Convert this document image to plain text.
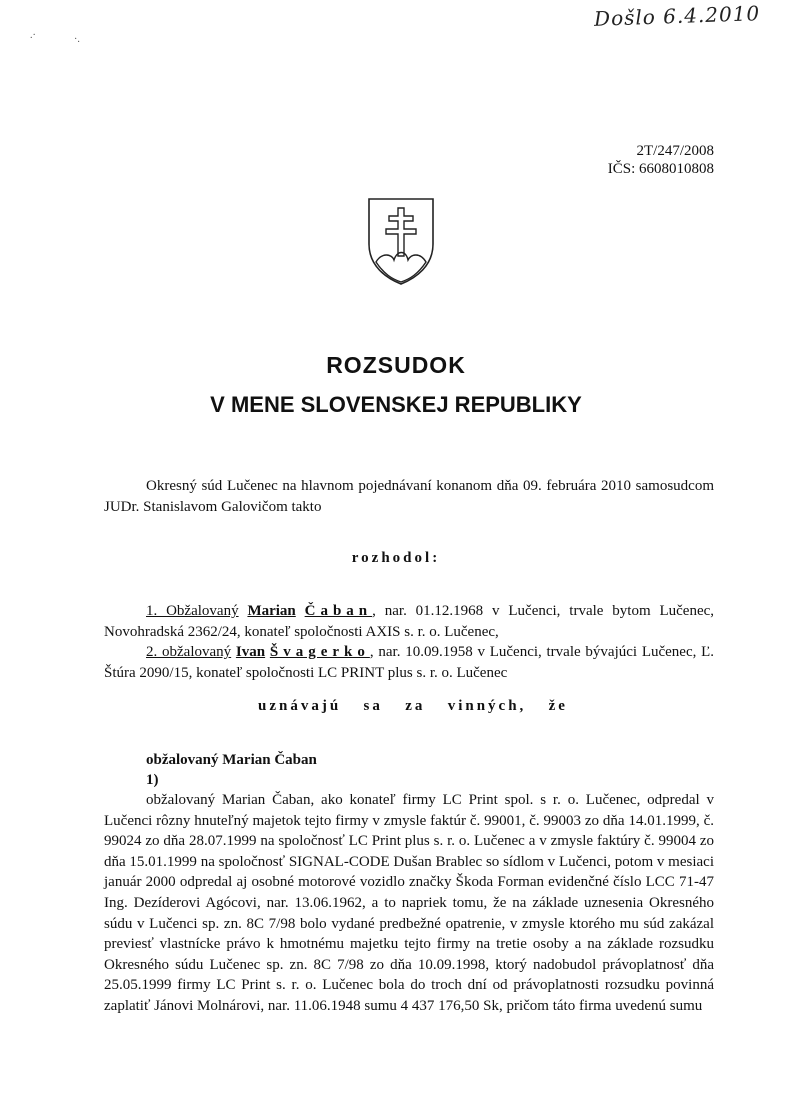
Došlo 6.4.2010
.·	·.
2T/247/2008
IČS: 6608010808
ROZSUDOK
V MENE SLOVENSKEJ REPUBLIKY
Okresný súd Lučenec na hlavnom pojednávaní konanom dňa 09. februára 2010 samosudcom JUDr. Stanislavom Galovičom takto
rozhodol:
1. Obžalovaný Marian Čaban, nar. 01.12.1968 v Lučenci, trvale bytom Lučenec, Novohradská 2362/24, konateľ spoločnosti AXIS s. r. o. Lučenec,
2. obžalovaný Ivan Švagerko, nar. 10.09.1958 v Lučenci, trvale bývajúci Lučenec, Ľ. Štúra 2090/15, konateľ spoločnosti LC PRINT plus s. r. o. Lučenec
uznávajú sa za vinných, že
obžalovaný Marian Čaban
1)
obžalovaný Marian Čaban, ako konateľ firmy LC Print spol. s r. o. Lučenec, odpredal v Lučenci rôzny hnuteľný majetok tejto firmy v zmysle faktúr č. 99001, č. 99003 zo dňa 14.01.1999, č. 99024 zo dňa 28.07.1999 na spoločnosť LC Print plus s. r. o. Lučenec a v zmysle faktúry č. 99004 zo dňa 15.01.1999 na spoločnosť SIGNAL-CODE Dušan Brablec so sídlom v Lučenci, potom v mesiaci január 2000 odpredal aj osobné motorové vozidlo značky Škoda Forman evidenčné číslo LCC 71-47 Ing. Dezíderovi Agócovi, nar. 13.06.1962, a to napriek tomu, že na základe uznesenia Okresného súdu v Lučenci sp. zn. 8C 7/98 bolo vydané predbežné opatrenie, v zmysle ktorého mu súd zakázal previesť vlastnícke právo k hmotnému majetku tejto firmy na tretie osoby a na základe rozsudku Okresného súdu Lučenec sp. zn. 8C 7/98 zo dňa 10.09.1998, ktorý nadobudol právoplatnosť dňa 25.05.1999 firmy LC Print s. r. o. Lučenec bola do troch dní od právoplatnosti rozsudku povinná zaplatiť Jánovi Molnárovi, nar. 11.06.1948 sumu 4 437 176,50 Sk, pričom táto firma uvedenú sumu
